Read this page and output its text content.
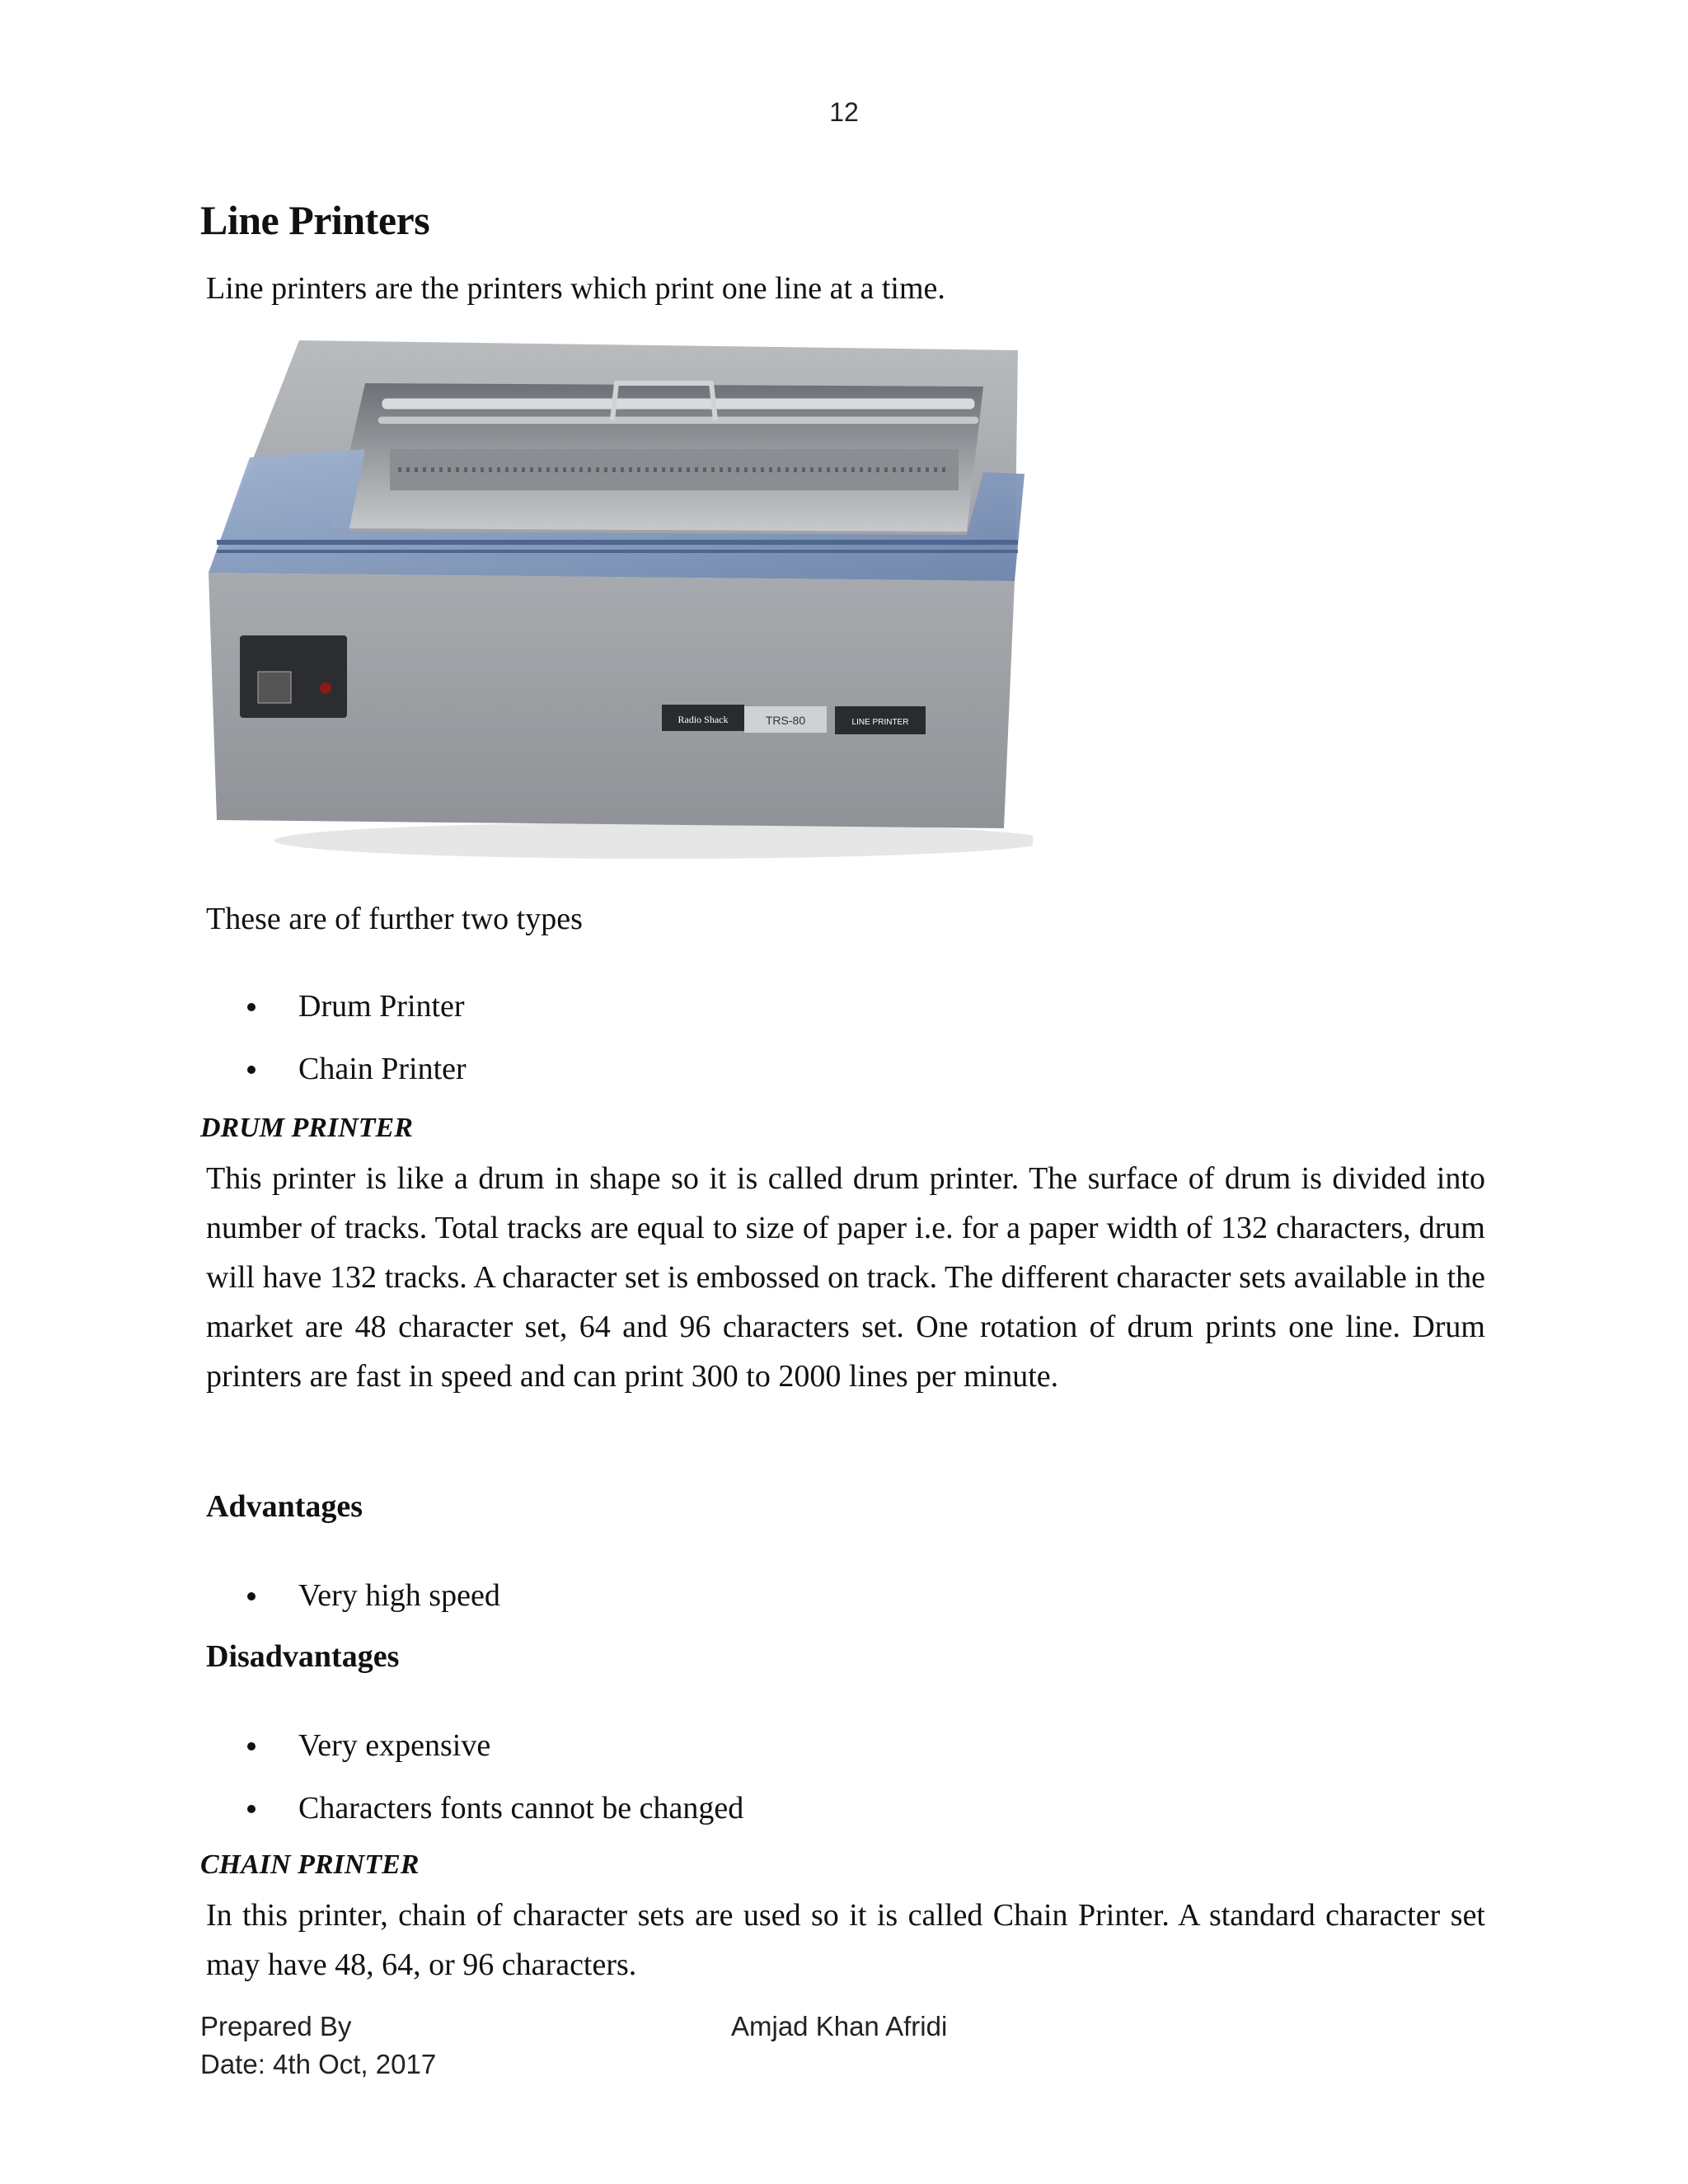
12
Line Printers
Line printers are the printers which print one line at a time.
Radio Shack	TRS-80	LINE PRINTER
These are of further two types
Drum Printer
Chain Printer
DRUM PRINTER
This printer is like a drum in shape so it is called drum printer. The surface of drum is divided into number of tracks. Total tracks are equal to size of paper i.e. for a paper width of 132 characters, drum will have 132 tracks. A character set is embossed on track. The different character sets available in the market are 48 character set, 64 and 96 characters set. One rotation of drum prints one line. Drum printers are fast in speed and can print 300 to 2000 lines per minute.
Advantages
Very high speed
Disadvantages
Very expensive
Characters fonts cannot be changed
CHAIN PRINTER
In this printer, chain of character sets are used so it is called Chain Printer. A standard character set may have 48, 64, or 96 characters.
Prepared By	Amjad Khan Afridi
Date: 4th Oct, 2017
